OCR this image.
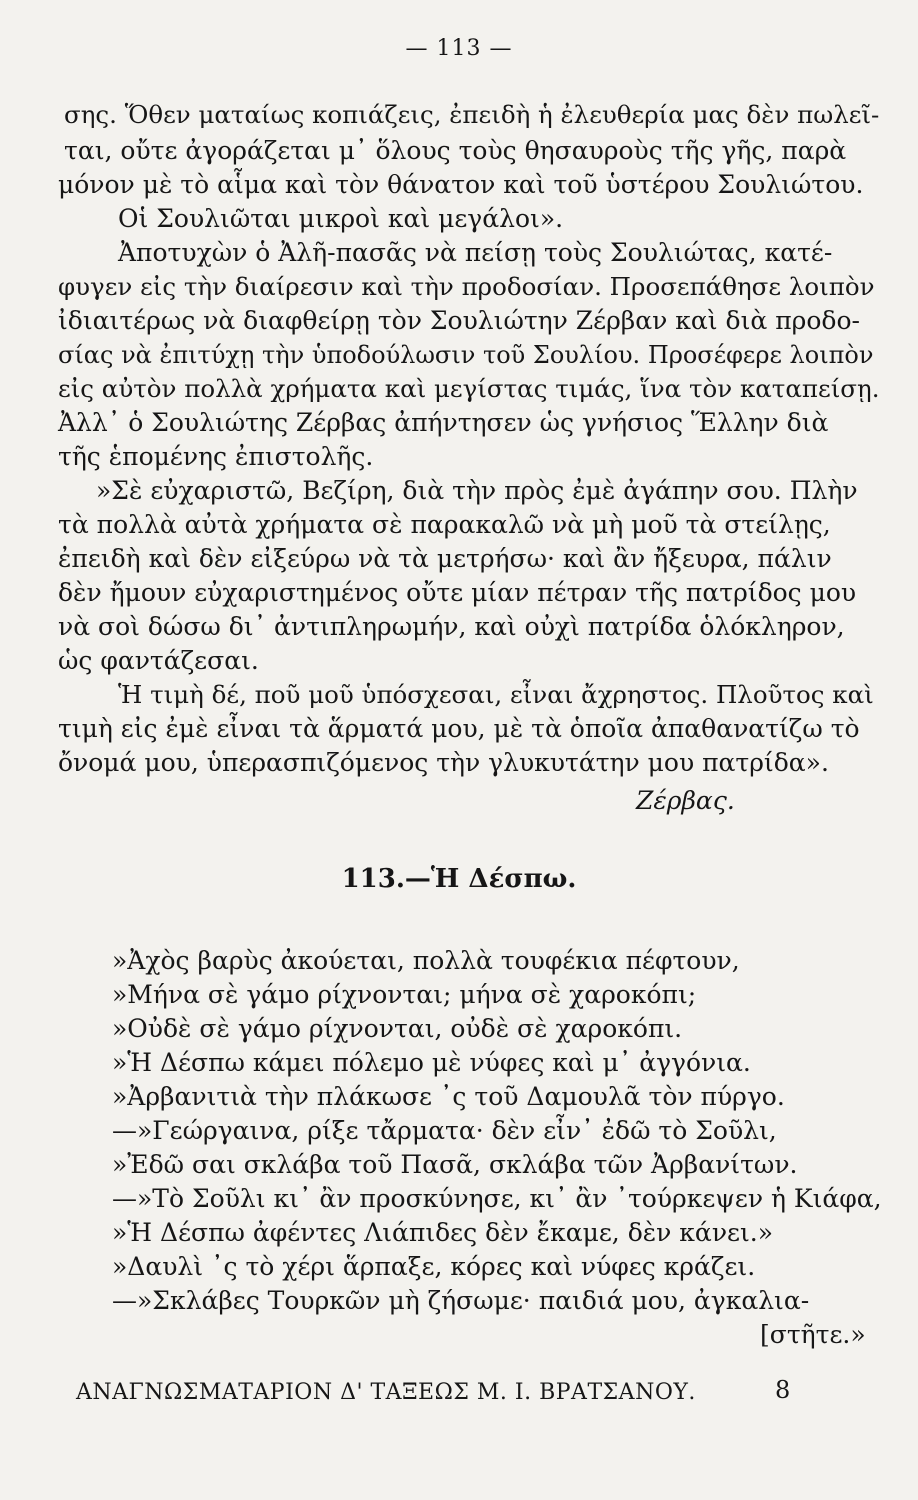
— 113 —
σης. Ὅθεν ματαίως κοπιάζεις, ἐπειδὴ ἡ ἐλευθερία μας δὲν πωλεῖ-
ται, οὔτε ἀγοράζεται μ᾽ ὅλους τοὺς θησαυροὺς τῆς γῆς, παρὰ
μόνον μὲ τὸ αἷμα καὶ τὸν θάνατον καὶ τοῦ ὑστέρου Σουλιώτου.
Οἱ Σουλιῶται μικροὶ καὶ μεγάλοι».
Ἀποτυχὼν ὁ Ἀλῆ-πασᾶς νὰ πείσῃ τοὺς Σουλιώτας, κατέ-
φυγεν εἰς τὴν διαίρεσιν καὶ τὴν προδοσίαν. Προσεπάθησε λοιπὸν
ἰδιαιτέρως νὰ διαφθείρῃ τὸν Σουλιώτην Ζέρβαν καὶ διὰ προδο-
σίας νὰ ἐπιτύχῃ τὴν ὑποδούλωσιν τοῦ Σουλίου. Προσέφερε λοιπὸν
εἰς αὐτὸν πολλὰ χρήματα καὶ μεγίστας τιμάς, ἵνα τὸν καταπείσῃ.
Ἀλλ᾽ ὁ Σουλιώτης Ζέρβας ἀπήντησεν ὡς γνήσιος Ἕλλην διὰ
τῆς ἑπομένης ἐπιστολῆς.
»Σὲ εὐχαριστῶ, Βεζίρη, διὰ τὴν πρὸς ἐμὲ ἀγάπην σου. Πλὴν
τὰ πολλὰ αὐτὰ χρήματα σὲ παρακαλῶ νὰ μὴ μοῦ τὰ στείλῃς,
ἐπειδὴ καὶ δὲν εἰξεύρω νὰ τὰ μετρήσω· καὶ ἂν ἤξευρα, πάλιν
δὲν ἤμουν εὐχαριστημένος οὔτε μίαν πέτραν τῆς πατρίδος μου
νὰ σοὶ δώσω δι᾽ ἀντιπληρωμήν, καὶ οὐχὶ πατρίδα ὁλόκληρον,
ὡς φαντάζεσαι.
Ἡ τιμὴ δέ, ποῦ μοῦ ὑπόσχεσαι, εἶναι ἄχρηστος. Πλοῦτος καὶ
τιμὴ εἰς ἐμὲ εἶναι τὰ ἅρματά μου, μὲ τὰ ὁποῖα ἀπαθανατίζω τὸ
ὄνομά μου, ὑπερασπιζόμενος τὴν γλυκυτάτην μου πατρίδα».
Ζέρβας.
113.—Ἡ Δέσπω.
»Ἀχὸς βαρὺς ἀκούεται, πολλὰ τουφέκια πέφτουν,
»Μήνα σὲ γάμο ρίχνονται; μήνα σὲ χαροκόπι;
»Οὐδὲ σὲ γάμο ρίχνονται, οὐδὲ σὲ χαροκόπι.
»Ἡ Δέσπω κάμει πόλεμο μὲ νύφες καὶ μ᾽ ἀγγόνια.
»Ἀρβανιτιὰ τὴν πλάκωσε ᾽ς τοῦ Δαμουλᾶ τὸν πύργο.
—»Γεώργαινα, ρίξε τἄρματα· δὲν εἶν᾽ ἐδῶ τὸ Σοῦλι,
»Ἐδῶ σαι σκλάβα τοῦ Πασᾶ, σκλάβα τῶν Ἀρβανίτων.
—»Τὸ Σοῦλι κι᾽ ἂν προσκύνησε, κι᾽ ἂν ᾽τούρκεψεν ἡ Κιάφα,
»Ἡ Δέσπω ἀφέντες Λιάπιδες δὲν ἔκαμε, δὲν κάνει.»
»Δαυλὶ ᾽ς τὸ χέρι ἅρπαξε, κόρες καὶ νύφες κράζει.
—»Σκλάβες Τουρκῶν μὴ ζήσωμε· παιδιά μου, ἀγκαλια-
[στῆτε.»
ΑΝΑΓΝΩΣΜΑΤΑΡΙΟΝ Δ' ΤΑΞΕΩΣ Μ. Ι. ΒΡΑΤΣΑΝΟΥ.	8
